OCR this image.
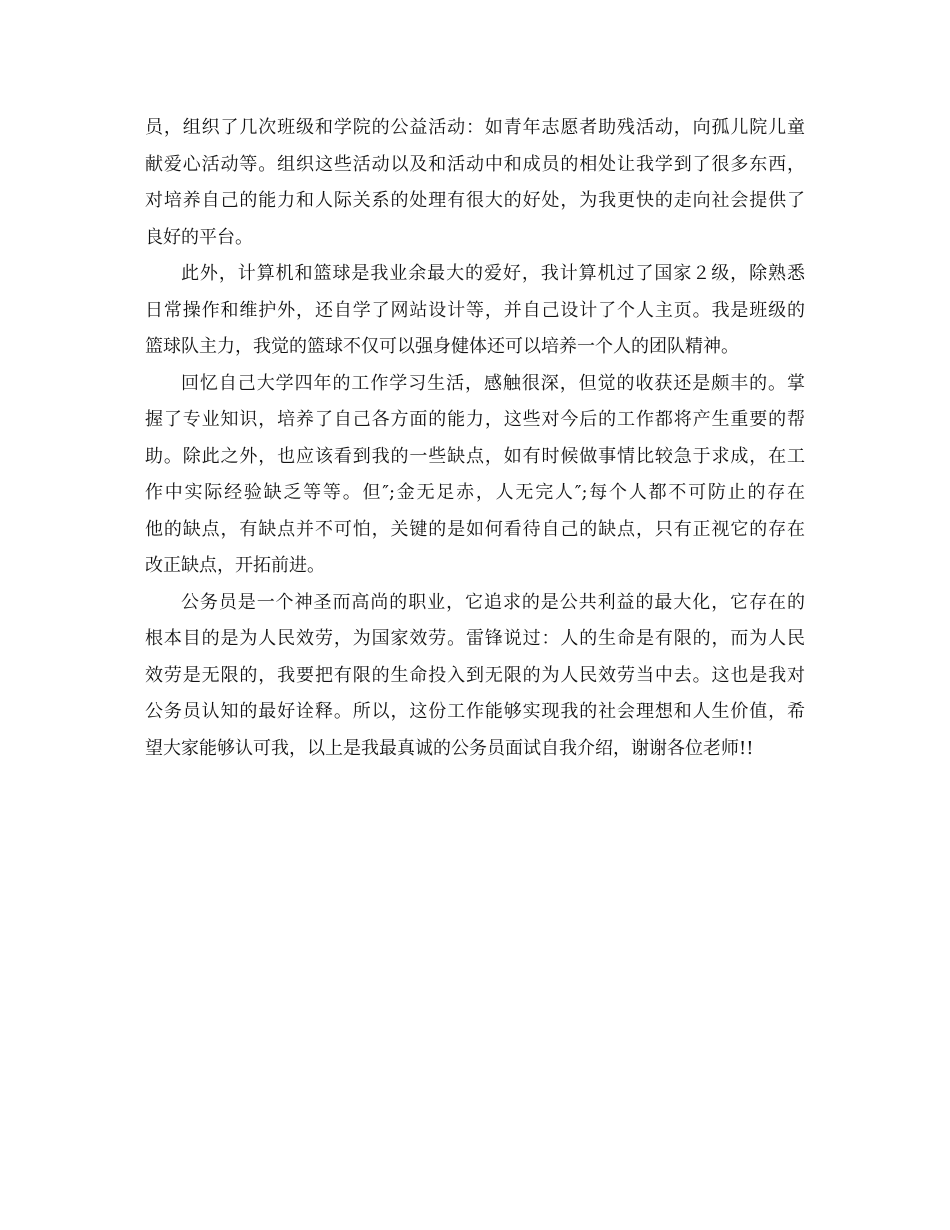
员，组织了几次班级和学院的公益活动：如青年志愿者助残活动，向孤儿院儿童
献爱心活动等。组织这些活动以及和活动中和成员的相处让我学到了很多东西，
对培养自己的能力和人际关系的处理有很大的好处，为我更快的走向社会提供了
良好的平台。
此外，计算机和篮球是我业余最大的爱好，我计算机过了国家２级，除熟悉
日常操作和维护外，还自学了网站设计等，并自己设计了个人主页。我是班级的
篮球队主力，我觉的篮球不仅可以强身健体还可以培养一个人的团队精神。
回忆自己大学四年的工作学习生活，感触很深，但觉的收获还是颇丰的。掌
握了专业知识，培养了自己各方面的能力，这些对今后的工作都将产生重要的帮
助。除此之外，也应该看到我的一些缺点，如有时候做事情比较急于求成，在工
作中实际经验缺乏等等。但″;金无足赤，人无完人″;每个人都不可防止的存在
他的缺点，有缺点并不可怕，关键的是如何看待自己的缺点，只有正视它的存在
改正缺点，开拓前进。
公务员是一个神圣而高尚的职业，它追求的是公共利益的最大化，它存在的
根本目的是为人民效劳，为国家效劳。雷锋说过：人的生命是有限的，而为人民
效劳是无限的，我要把有限的生命投入到无限的为人民效劳当中去。这也是我对
公务员认知的最好诠释。所以，这份工作能够实现我的社会理想和人生价值，希
望大家能够认可我，以上是我最真诚的公务员面试自我介绍，谢谢各位老师!!
